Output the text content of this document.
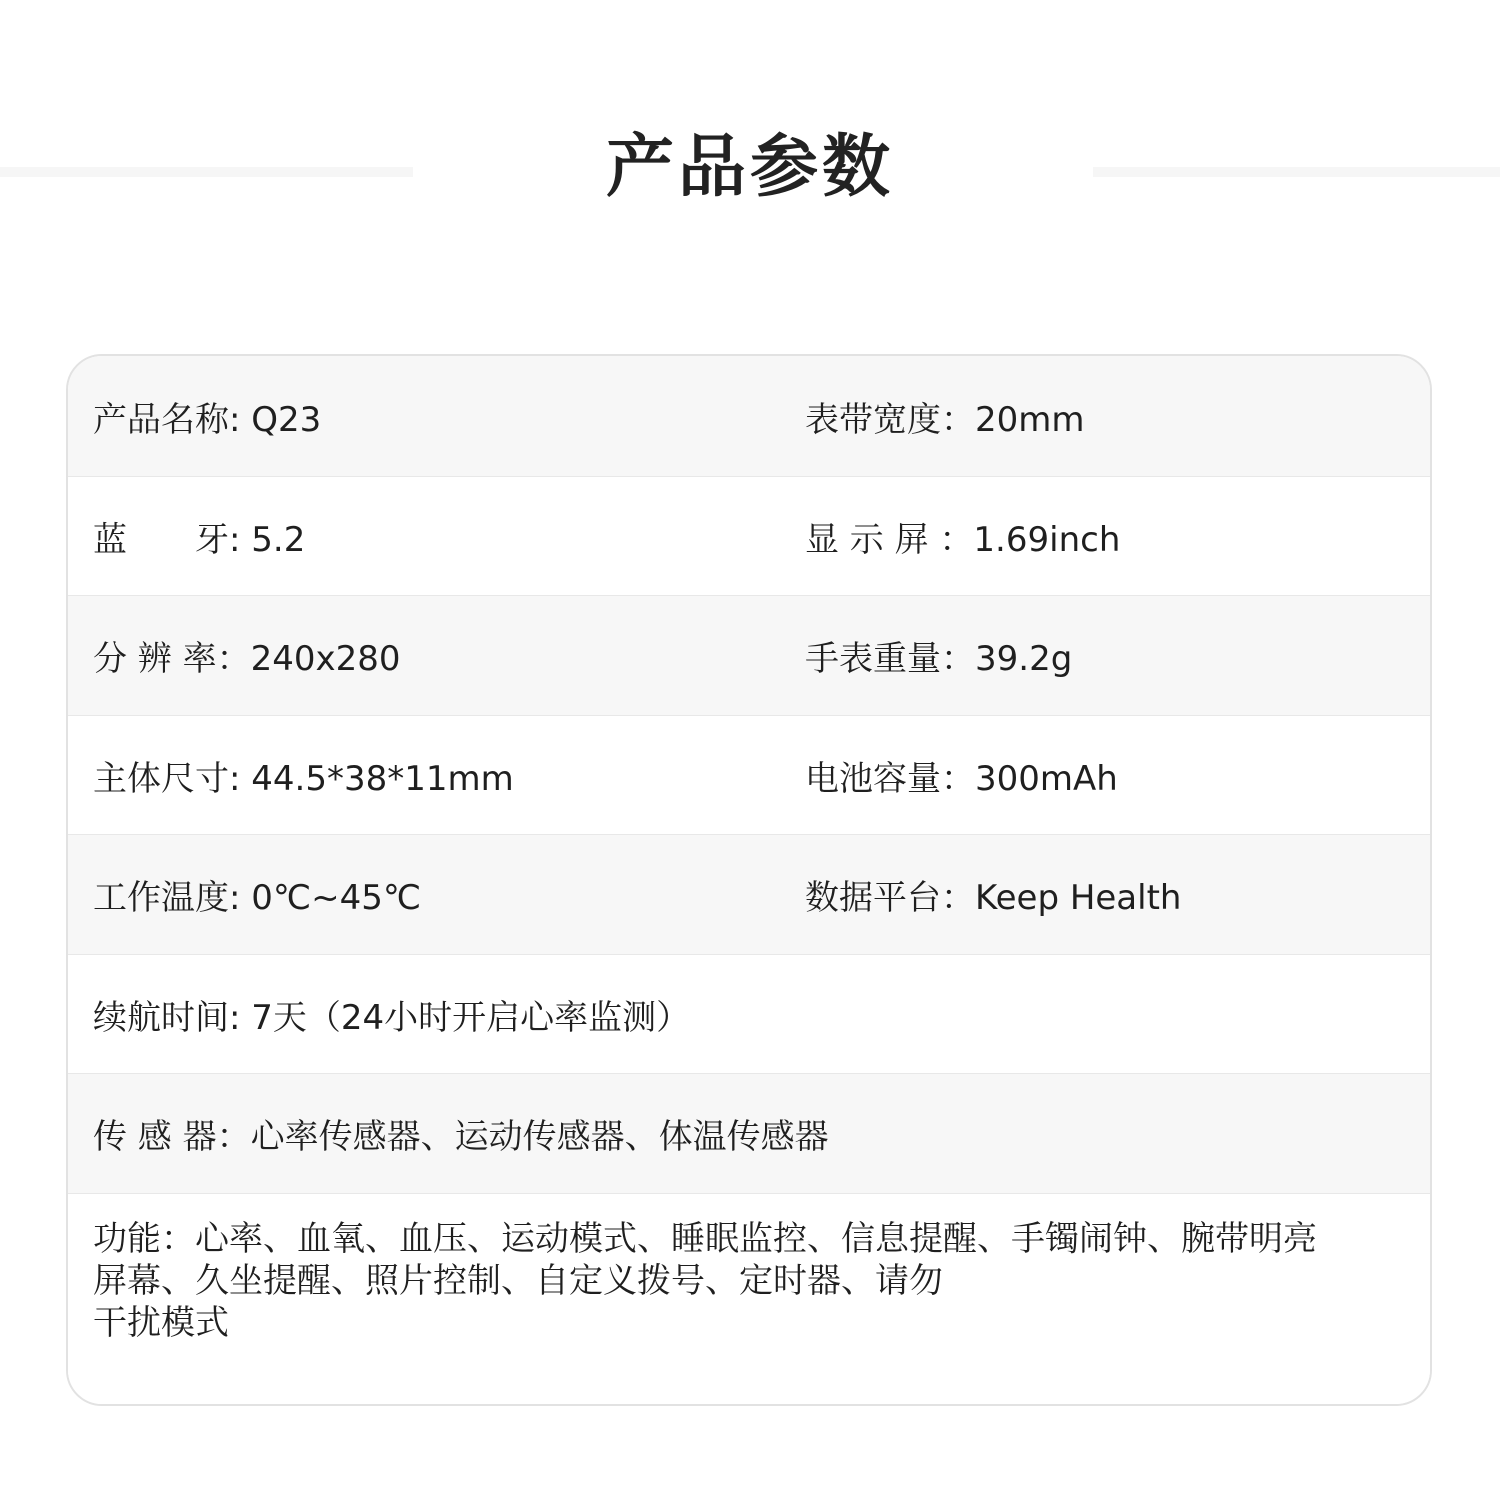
产品参数
产品名称: Q23	表带宽度：20mm
蓝　　牙: 5.2	显 示 屏 ：1.69inch
分 辨 率：240x280	手表重量：39.2g
主体尺寸: 44.5*38*11mm	电池容量：300mAh
工作温度: 0℃~45℃	数据平台：Keep Health
续航时间: 7天（24小时开启心率监测）
传 感 器：心率传感器、运动传感器、体温传感器
功能：心率、血氧、血压、运动模式、睡眠监控、信息提醒、手镯闹钟、腕带明亮
屏幕、久坐提醒、照片控制、自定义拨号、定时器、请勿
干扰模式
